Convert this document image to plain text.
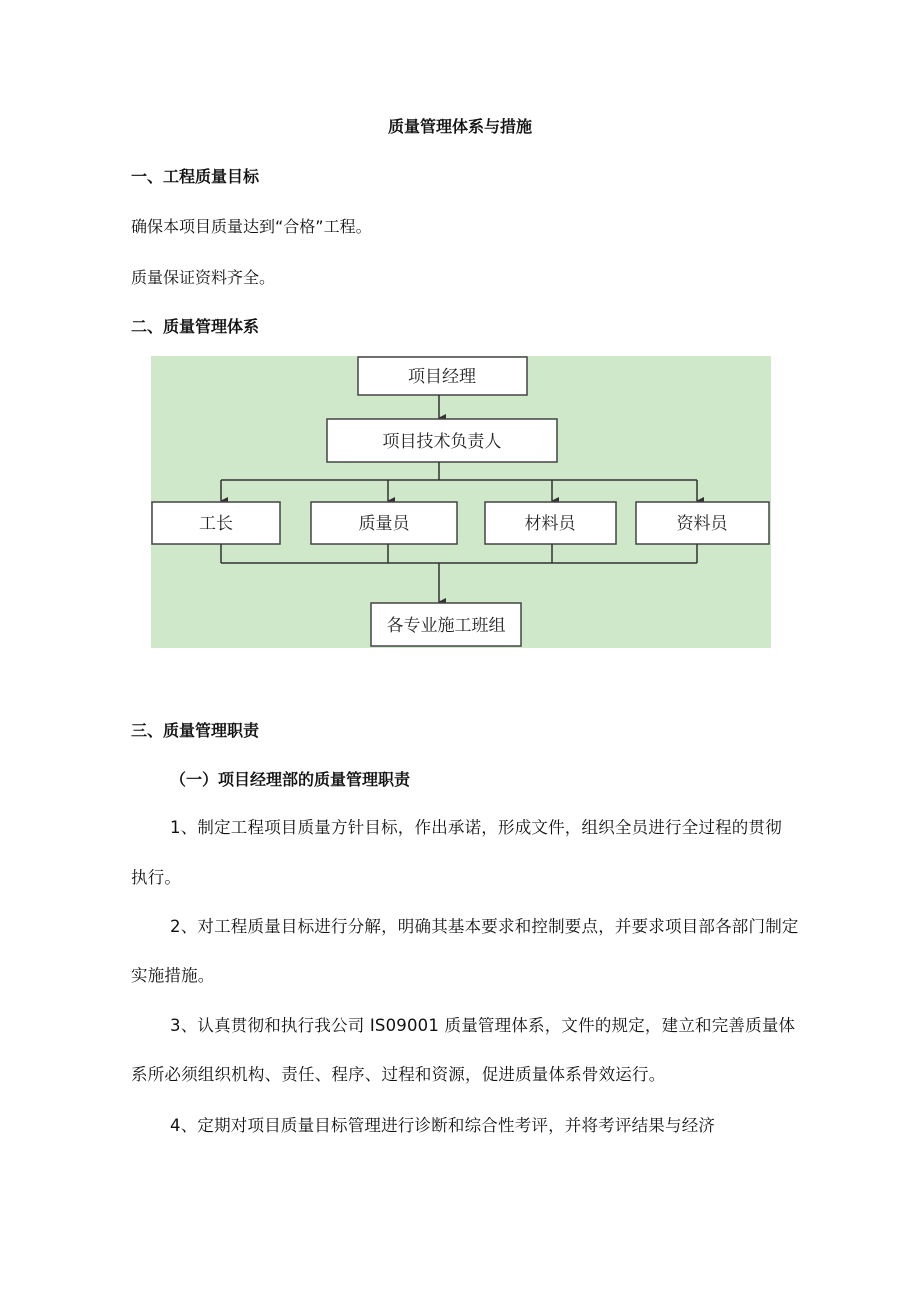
质量管理体系与措施
一、工程质量目标
确保本项目质量达到“合格”工程。
质量保证资料齐全。
二、质量管理体系
项目经理
项目技术负责人
工长	质量员	材料员	资料员
各专业施工班组
三、质量管理职责
（一）项目经理部的质量管理职责
1、制定工程项目质量方针目标，作出承诺，形成文件，组织全员进行全过程的贯彻
执行。
2、对工程质量目标进行分解，明确其基本要求和控制要点，并要求项目部各部门制定
实施措施。
3、认真贯彻和执行我公司 IS09001 质量管理体系，文件的规定，建立和完善质量体
系所必须组织机构、责任、程序、过程和资源，促进质量体系骨效运行。
4、定期对项目质量目标管理进行诊断和综合性考评，并将考评结果与经济
